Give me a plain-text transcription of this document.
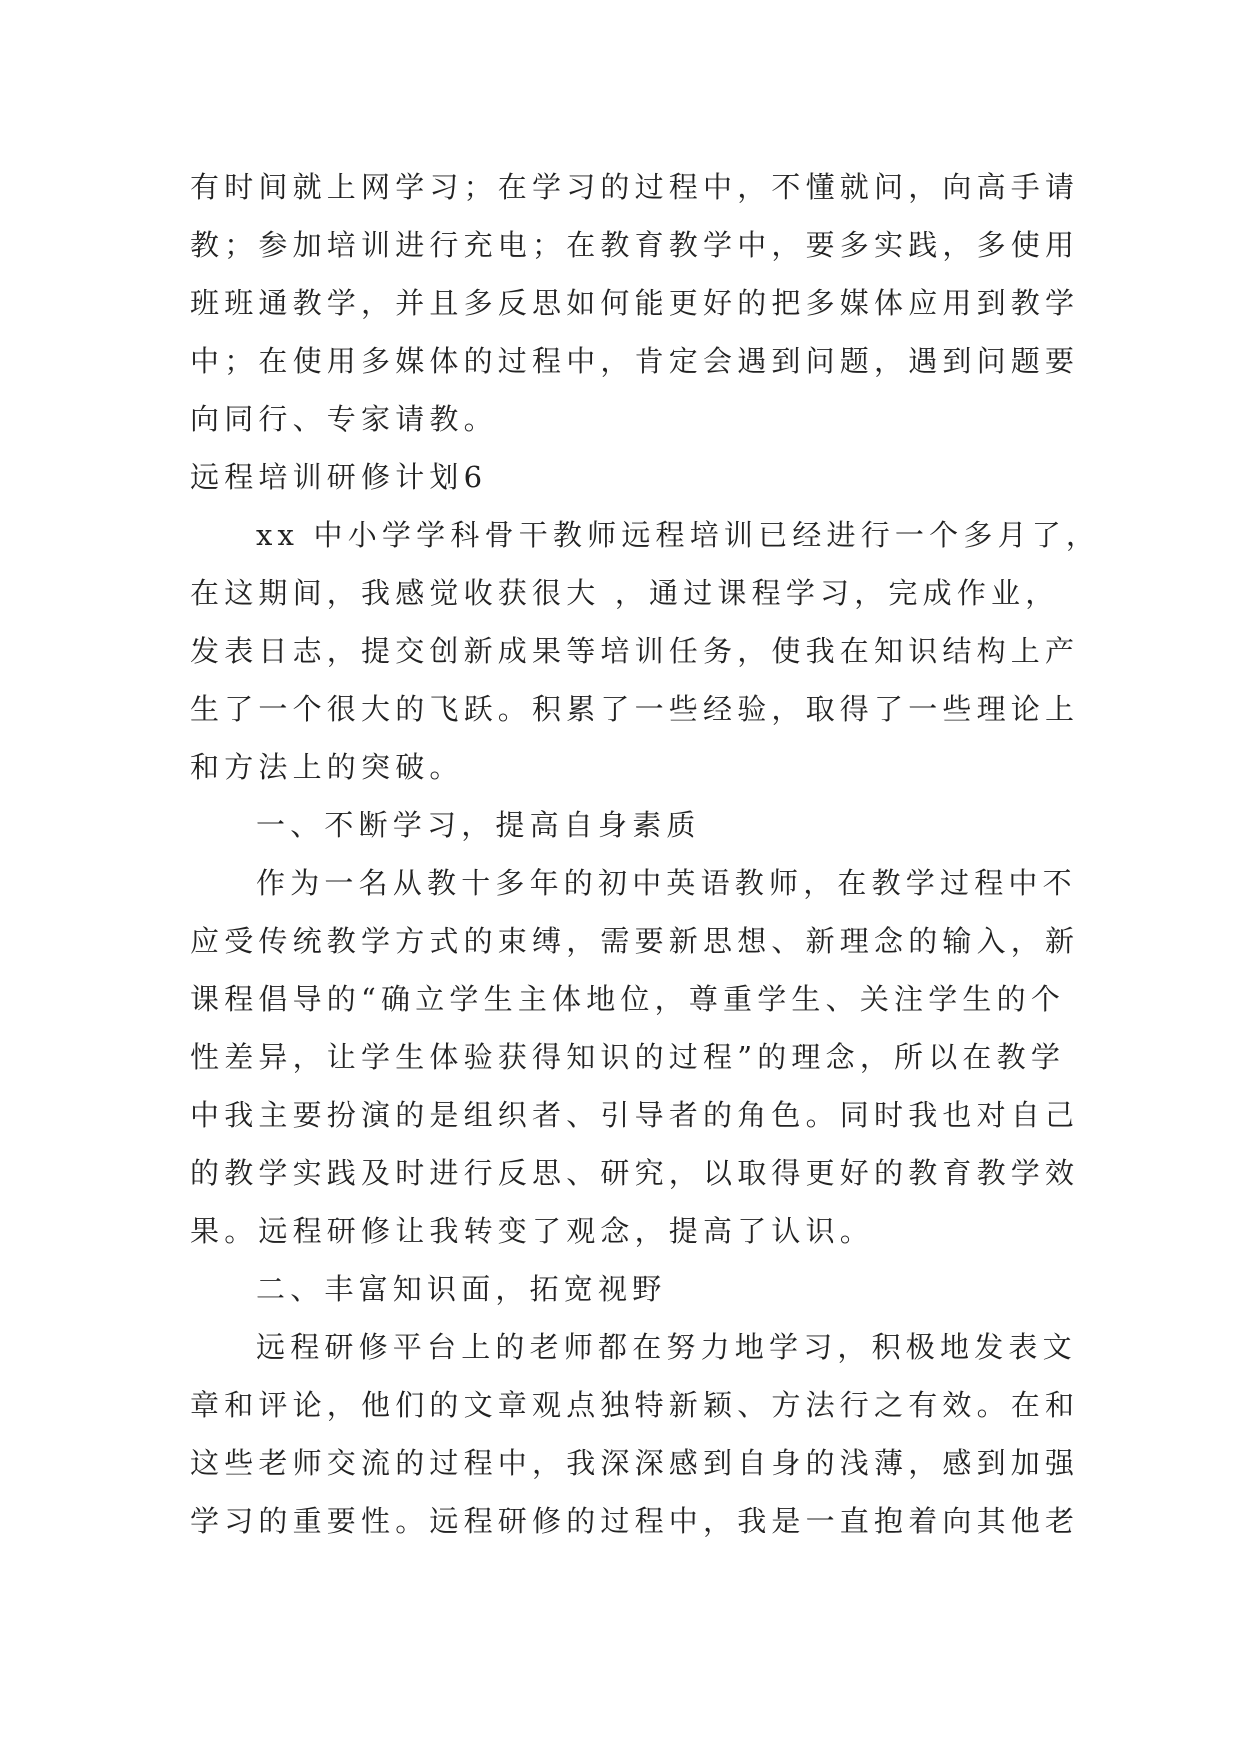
有时间就上网学习；在学习的过程中，不懂就问，向高手请
教；参加培训进行充电；在教育教学中，要多实践，多使用
班班通教学，并且多反思如何能更好的把多媒体应用到教学
中；在使用多媒体的过程中，肯定会遇到问题，遇到问题要
向同行、专家请教。
远程培训研修计划6
xx 中小学学科骨干教师远程培训已经进行一个多月了，
在这期间，我感觉收获很大 ，通过课程学习，完成作业，
发表日志，提交创新成果等培训任务，使我在知识结构上产
生了一个很大的飞跃。积累了一些经验，取得了一些理论上
和方法上的突破。
一、不断学习，提高自身素质
作为一名从教十多年的初中英语教师，在教学过程中不
应受传统教学方式的束缚，需要新思想、新理念的输入，新
课程倡导的“确立学生主体地位，尊重学生、关注学生的个
性差异，让学生体验获得知识的过程”的理念，所以在教学
中我主要扮演的是组织者、引导者的角色。同时我也对自己
的教学实践及时进行反思、研究，以取得更好的教育教学效
果。远程研修让我转变了观念，提高了认识。
二、丰富知识面，拓宽视野
远程研修平台上的老师都在努力地学习，积极地发表文
章和评论，他们的文章观点独特新颖、方法行之有效。在和
这些老师交流的过程中，我深深感到自身的浅薄，感到加强
学习的重要性。远程研修的过程中，我是一直抱着向其他老
